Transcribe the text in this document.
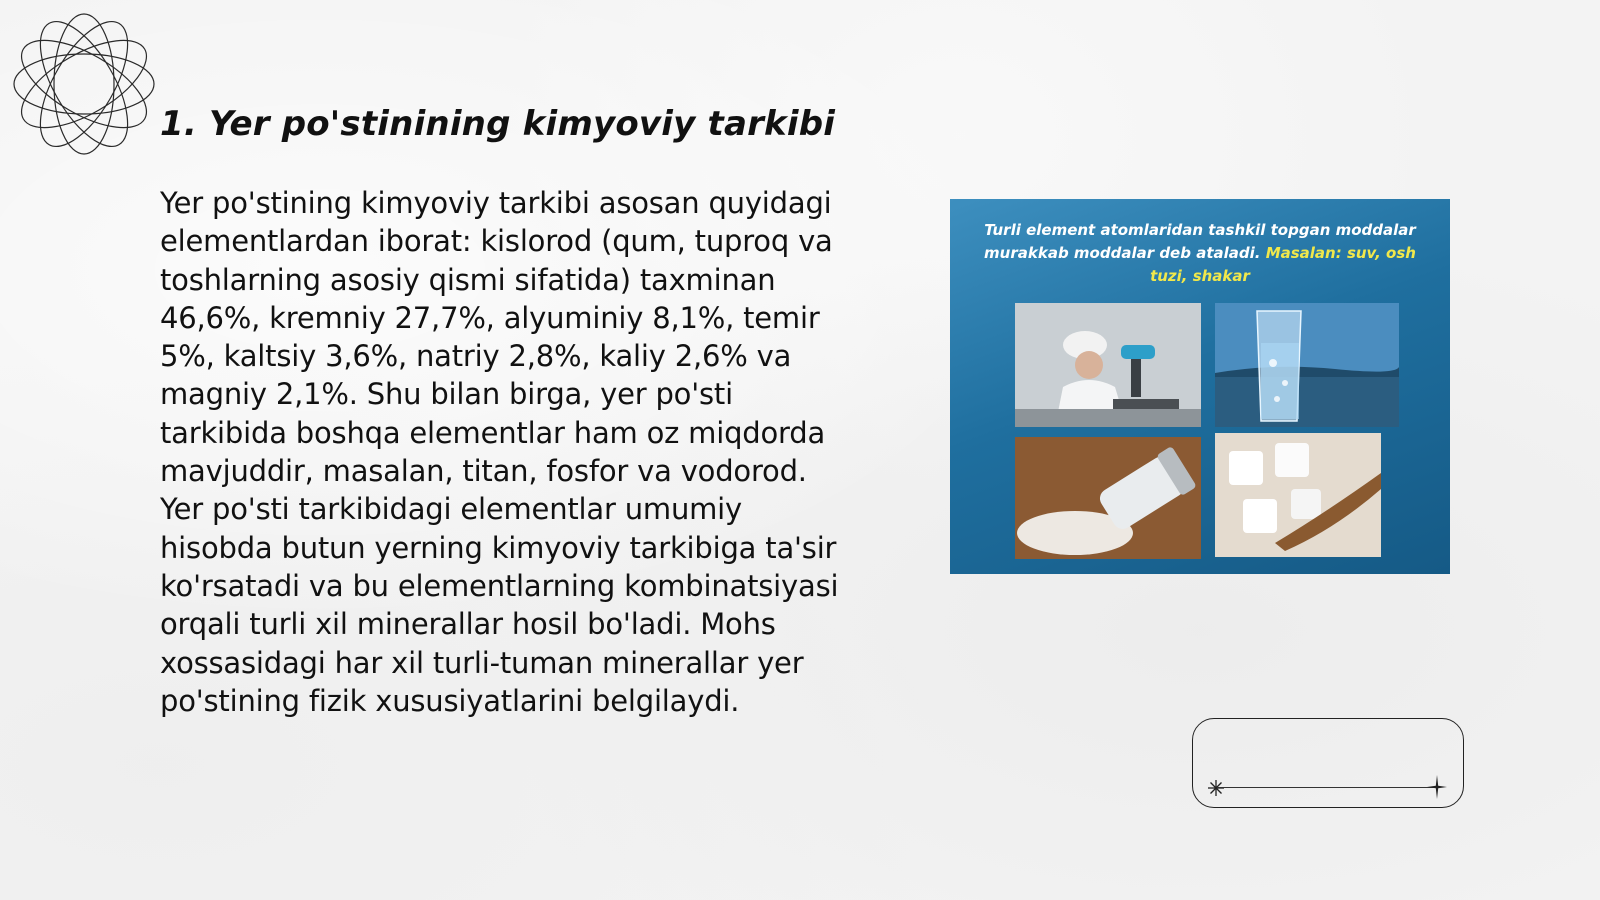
1. Yer po'stinining kimyoviy tarkibi

Yer po'stining kimyoviy tarkibi asosan quyidagi elementlardan iborat: kislorod (qum, tuproq va toshlarning asosiy qismi sifatida) taxminan 46,6%, kremniy 27,7%, alyuminiy 8,1%, temir 5%, kaltsiy 3,6%, natriy 2,8%, kaliy 2,6% va magniy 2,1%. Shu bilan birga, yer po'sti tarkibida boshqa elementlar ham oz miqdorda mavjuddir, masalan, titan, fosfor va vodorod. Yer po'sti tarkibidagi elementlar umumiy hisobda butun yerning kimyoviy tarkibiga ta'sir ko'rsatadi va bu elementlarning kombinatsiyasi orqali turli xil minerallar hosil bo'ladi. Mohs xossasidagi har xil turli-tuman minerallar yer po'stining fizik xususiyatlarini belgilaydi.

Turli element atomlaridan tashkil topgan moddalar murakkab moddalar deb ataladi. Masalan: suv, osh tuzi, shakar
